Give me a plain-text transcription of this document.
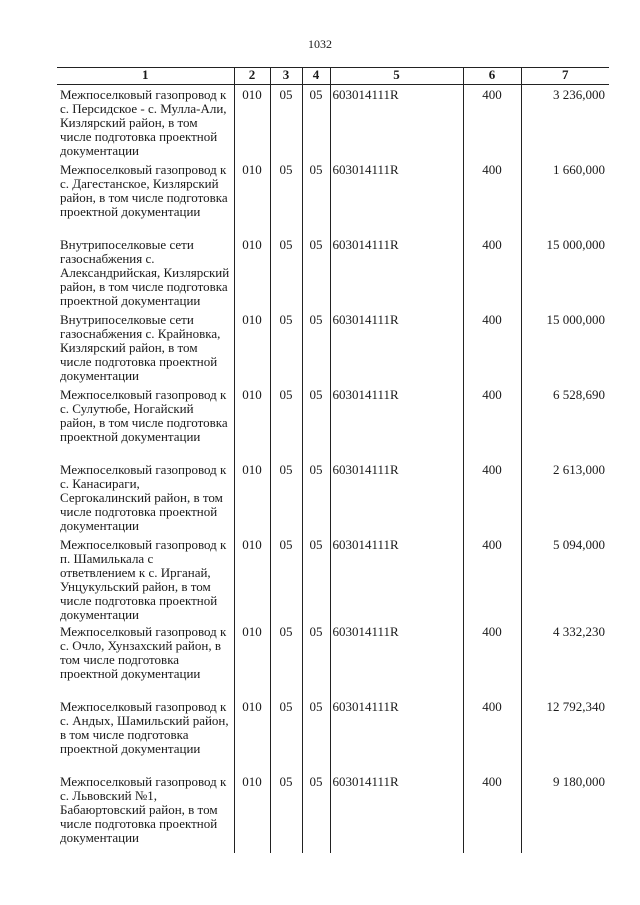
1032
1	2	3	4	5	6	7
Межпоселковый газопровод к с. Персидское - с. Мулла-Али, Кизлярский район, в том числе подготовка проектной документации	010	05	05	603014111R	400	3 236,000
Межпоселковый газопровод к с. Дагестанское, Кизлярский район, в том числе подготовка проектной документации	010	05	05	603014111R	400	1 660,000
Внутрипоселковые сети газоснабжения с. Александрийская, Кизлярский район, в том числе подготовка проектной документации	010	05	05	603014111R	400	15 000,000
Внутрипоселковые сети газоснабжения с. Крайновка, Кизлярский район, в том числе подготовка проектной документации	010	05	05	603014111R	400	15 000,000
Межпоселковый газопровод к с. Сулутюбе, Ногайский район, в том числе подготовка проектной документации	010	05	05	603014111R	400	6 528,690
Межпоселковый газопровод к с. Канасираги, Сергокалинский район, в том числе подготовка проектной документации	010	05	05	603014111R	400	2 613,000
Межпоселковый газопровод к п. Шамилькала с ответвлением к с. Ирганай, Унцукульский район, в том числе подготовка проектной документации	010	05	05	603014111R	400	5 094,000
Межпоселковый газопровод к с. Очло, Хунзахский район, в том числе подготовка проектной документации	010	05	05	603014111R	400	4 332,230
Межпоселковый газопровод к с. Андых, Шамильский район, в том числе подготовка проектной документации	010	05	05	603014111R	400	12 792,340
Межпоселковый газопровод к с. Львовский №1, Бабаюртовский район, в том числе подготовка проектной документации	010	05	05	603014111R	400	9 180,000
